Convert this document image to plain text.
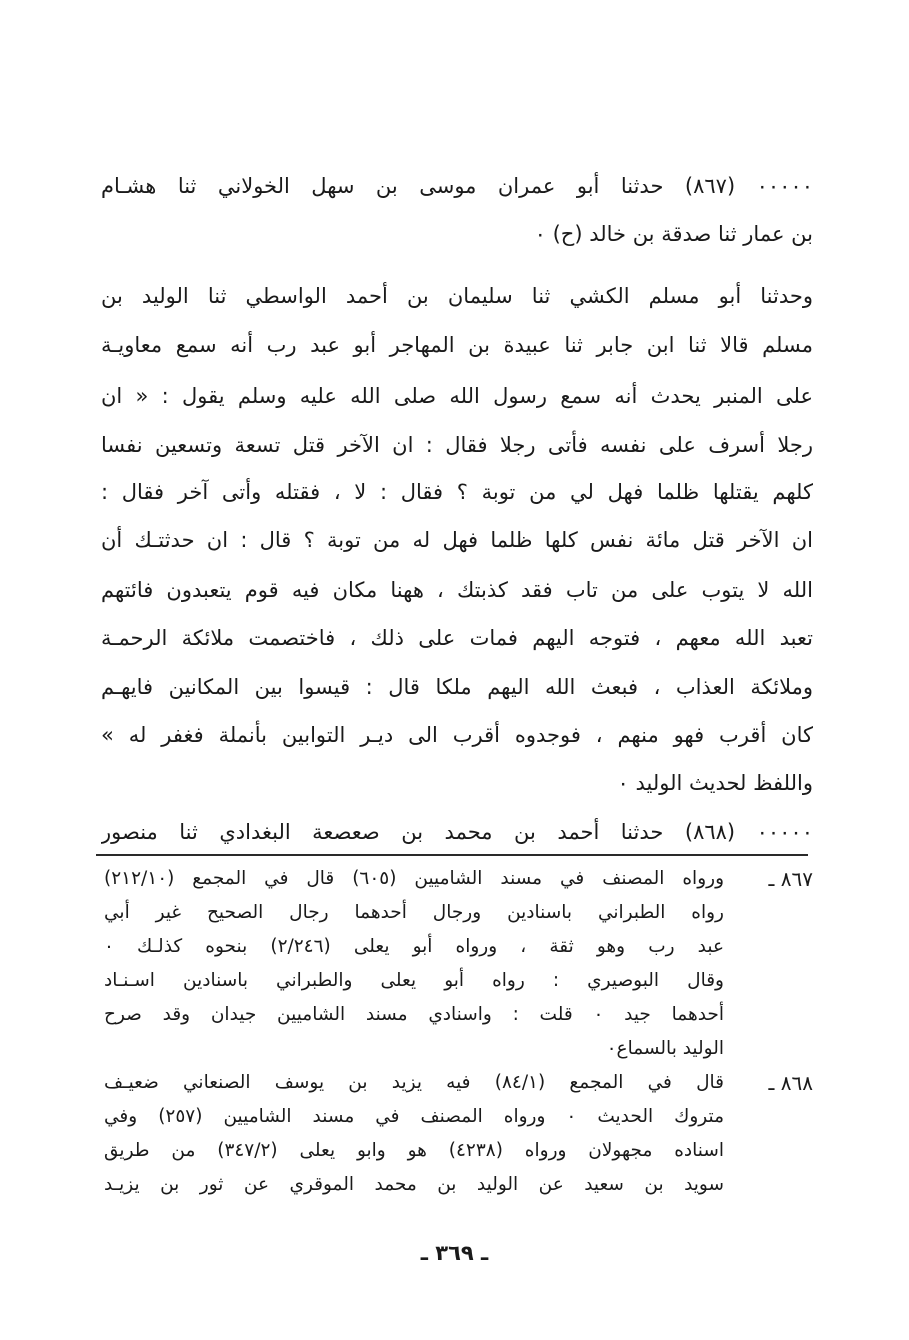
٠٠٠٠٠ (٨٦٧) حدثنا أبو عمران موسى بن سهل الخولاني ثنا هشـام
بن عمار ثنا صدقة بن خالد (ح) ٠
وحدثنا أبو مسلم الكشي ثنا سليمان بن أحمد الواسطي ثنا الوليد بن
مسلم قالا ثنا ابن جابر ثنا عبيدة بن المهاجر أبو عبد رب أنه سمع معاويـة
على المنبر يحدث أنه سمع رسول الله صلى الله عليه وسلم يقول : « ان
رجلا أسرف على نفسه فأتى رجلا فقال : ان الآخر قتل تسعة وتسعين نفسا
كلهم يقتلها ظلما فهل لي من توبة ؟ فقال : لا ، فقتله وأتى آخر فقال :
ان الآخر قتل مائة نفس كلها ظلما فهل له من توبة ؟ قال : ان حدثتـك أن
الله لا يتوب على من تاب فقد كذبتك ، ههنا مكان فيه قوم يتعبدون فائتهم
تعبد الله معهم ، فتوجه اليهم فمات على ذلك ، فاختصمت ملائكة الرحمـة
وملائكة العذاب ، فبعث الله اليهم ملكا قال : قيسوا بين المكانين فايهـم
كان أقرب فهو منهم ، فوجدوه أقرب الى ديـر التوابين بأنملة فغفر له »
واللفظ لحديث الوليد ٠
٠٠٠٠٠ (٨٦٨) حدثنا أحمد بن محمد بن صعصعة البغدادي ثنا منصور
٨٦٧ ـ
ورواه المصنف في مسند الشاميين (٦٠٥) قال في المجمع (٢١٢/١٠)
رواه الطبراني باسنادين ورجال أحدهما رجال الصحيح غير أبي
عبد رب وهو ثقة ، ورواه أبو يعلى (٢/٢٤٦) بنحوه كذلـك ٠
وقال البوصيري : رواه أبو يعلى والطبراني باسنادين اسـنـاد
أحدهما جيد ٠ قلت : واسنادي مسند الشاميين جيدان وقد صرح
الوليد بالسماع٠
٨٦٨ ـ
قال في المجمع (٨٤/١) فيه يزيد بن يوسف الصنعاني ضعيـف
متروك الحديث ٠ ورواه المصنف في مسند الشاميين (٢٥٧) وفي
اسناده مجهولان ورواه (٤٢٣٨) هو وابو يعلى (٣٤٧/٢) من طريق
سويد بن سعيد عن الوليد بن محمد الموقري عن ثور بن يزيـد
ـ ٣٦٩ ـ
